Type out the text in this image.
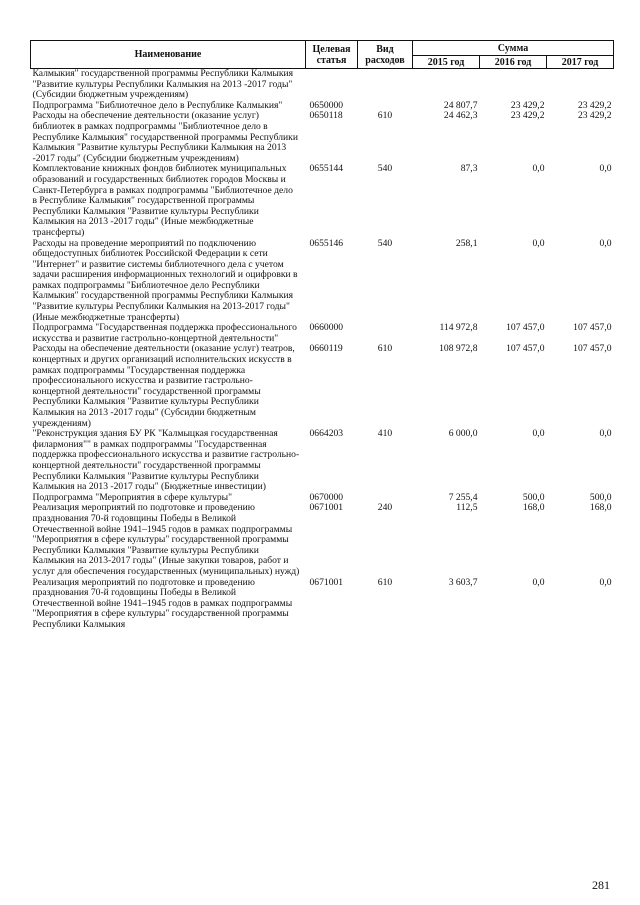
Наименование	Целевая статья	Вид расходов	Сумма		
			2015 год	2016 год	2017 год
Калмыкия" государственной программы Республики Калмыкия "Развитие культуры Республики Калмыкия на 2013 -2017 годы" (Субсидии бюджетным учреждениям)					
Подпрограмма "Библиотечное дело в Республике Калмыкия"	0650000		24 807,7	23 429,2	23 429,2
Расходы на обеспечение деятельности (оказание услуг) библиотек в рамках подпрограммы "Библиотечное дело в Республике Калмыкия" государственной программы Республики Калмыкия "Развитие культуры Республики Калмыкия на 2013 -2017 годы" (Субсидии бюджетным учреждениям)	0650118	610	24 462,3	23 429,2	23 429,2
Комплектование книжных фондов библиотек муниципальных образований и государственных библиотек городов Москвы и Санкт-Петербурга в рамках подпрограммы "Библиотечное дело в Республике Калмыкия" государственной программы Республики Калмыкия "Развитие культуры Республики Калмыкия на 2013 -2017 годы" (Иные межбюджетные трансферты)	0655144	540	87,3	0,0	0,0
Расходы на проведение мероприятий по подключению общедоступных библиотек Российской Федерации к сети "Интернет" и развитие системы библиотечного дела с учетом задачи расширения информационных технологий и оцифровки в рамках подпрограммы "Библиотечное дело Республики Калмыкия" государственной программы Республики Калмыкия "Развитие культуры Республики Калмыкия на 2013-2017 годы" (Иные межбюджетные трансферты)	0655146	540	258,1	0,0	0,0
Подпрограмма "Государственная поддержка профессионального искусства и развитие гастрольно-концертной деятельности"	0660000		114 972,8	107 457,0	107 457,0
Расходы на обеспечение деятельности (оказание услуг) театров, концертных и других организаций исполнительских искусств в рамках подпрограммы "Государственная поддержка профессионального искусства и развитие гастрольно-концертной деятельности" государственной программы Республики Калмыкия "Развитие культуры Республики Калмыкия на 2013 -2017 годы" (Субсидии бюджетным учреждениям)	0660119	610	108 972,8	107 457,0	107 457,0
"Реконструкция здания БУ РК "Калмыцкая государственная филармония"" в рамках подпрограммы "Государственная поддержка профессионального искусства и развитие гастрольно-концертной деятельности" государственной программы Республики Калмыкия "Развитие культуры Республики Калмыкия на 2013 -2017 годы" (Бюджетные инвестиции)	0664203	410	6 000,0	0,0	0,0
Подпрограмма "Мероприятия в сфере культуры"	0670000		7 255,4	500,0	500,0
Реализация мероприятий по подготовке и проведению празднования 70-й годовщины Победы в Великой Отечественной войне 1941–1945 годов в рамках подпрограммы "Мероприятия в сфере культуры" государственной программы Республики Калмыкия "Развитие культуры Республики Калмыкия на 2013-2017 годы" (Иные закупки товаров, работ и услуг для обеспечения государственных (муниципальных) нужд)	0671001	240	112,5	168,0	168,0
Реализация мероприятий по подготовке и проведению празднования 70-й годовщины Победы в Великой Отечественной войне 1941–1945 годов в рамках подпрограммы "Мероприятия в сфере культуры" государственной программы Республики Калмыкия	0671001	610	3 603,7	0,0	0,0
281
